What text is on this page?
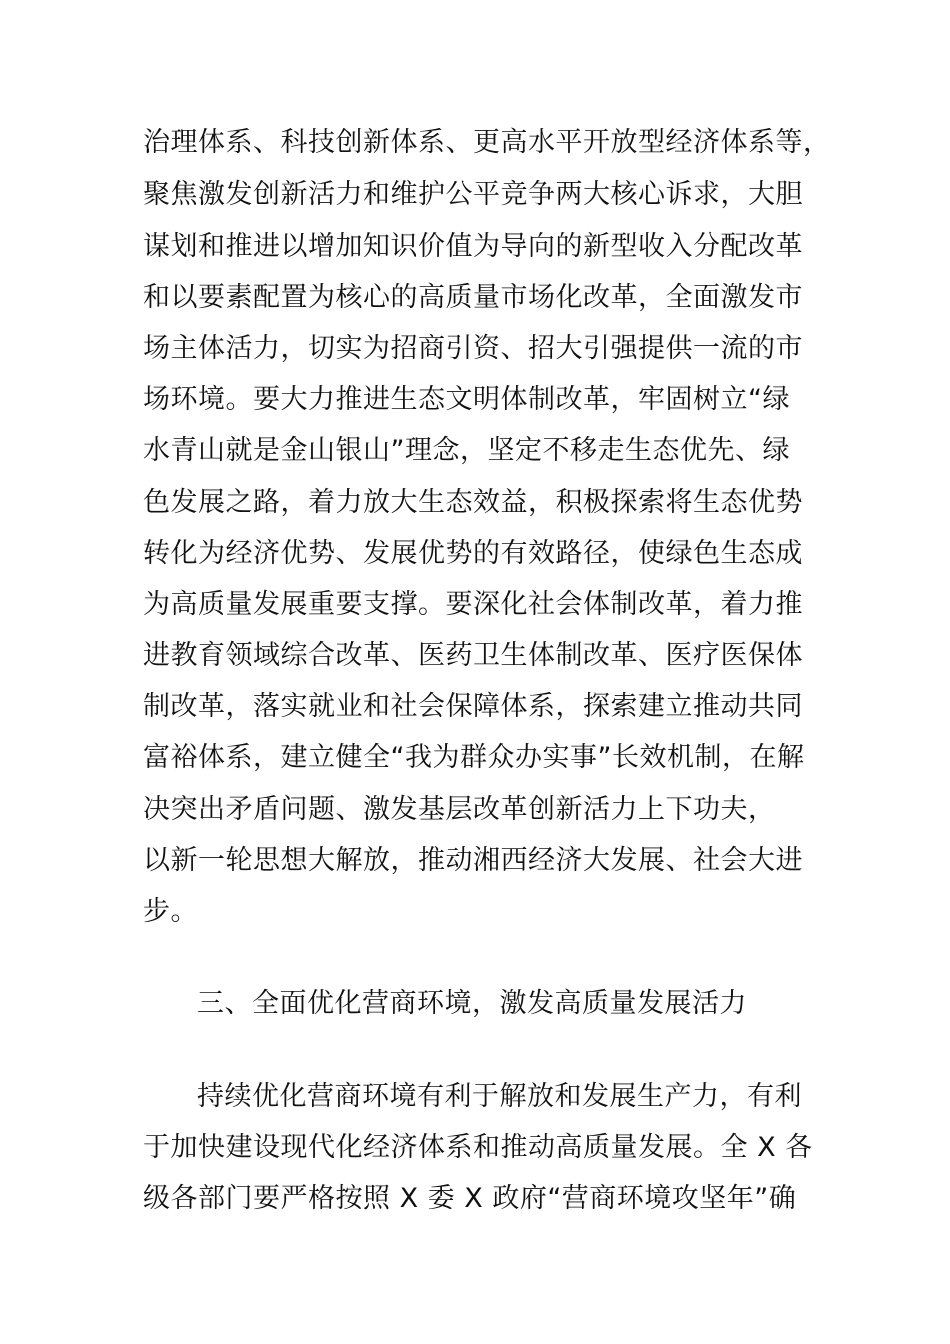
治理体系、科技创新体系、更高水平开放型经济体系等，
聚焦激发创新活力和维护公平竞争两大核心诉求，大胆
谋划和推进以增加知识价值为导向的新型收入分配改革
和以要素配置为核心的高质量市场化改革，全面激发市
场主体活力，切实为招商引资、招大引强提供一流的市
场环境。要大力推进生态文明体制改革，牢固树立“绿
水青山就是金山银山”理念，坚定不移走生态优先、绿
色发展之路，着力放大生态效益，积极探索将生态优势
转化为经济优势、发展优势的有效路径，使绿色生态成
为高质量发展重要支撑。要深化社会体制改革，着力推
进教育领域综合改革、医药卫生体制改革、医疗医保体
制改革，落实就业和社会保障体系，探索建立推动共同
富裕体系，建立健全“我为群众办实事”长效机制，在解
决突出矛盾问题、激发基层改革创新活力上下功夫，
以新一轮思想大解放，推动湘西经济大发展、社会大进
步。
三、全面优化营商环境，激发高质量发展活力
持续优化营商环境有利于解放和发展生产力，有利
于加快建设现代化经济体系和推动高质量发展。全 X 各
级各部门要严格按照 X 委 X 政府“营商环境攻坚年”确
